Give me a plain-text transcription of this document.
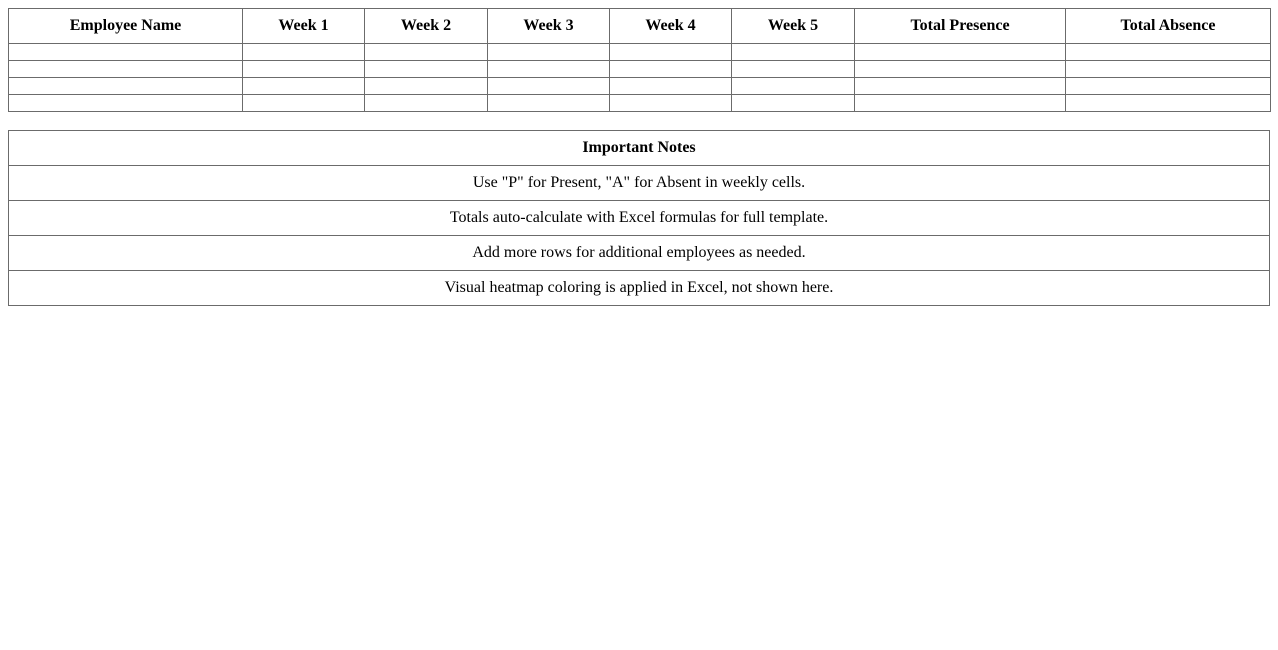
Employee Name	Week 1	Week 2	Week 3	Week 4	Week 5	Total Presence	Total Absence

Important Notes
Use "P" for Present, "A" for Absent in weekly cells.
Totals auto-calculate with Excel formulas for full template.
Add more rows for additional employees as needed.
Visual heatmap coloring is applied in Excel, not shown here.
